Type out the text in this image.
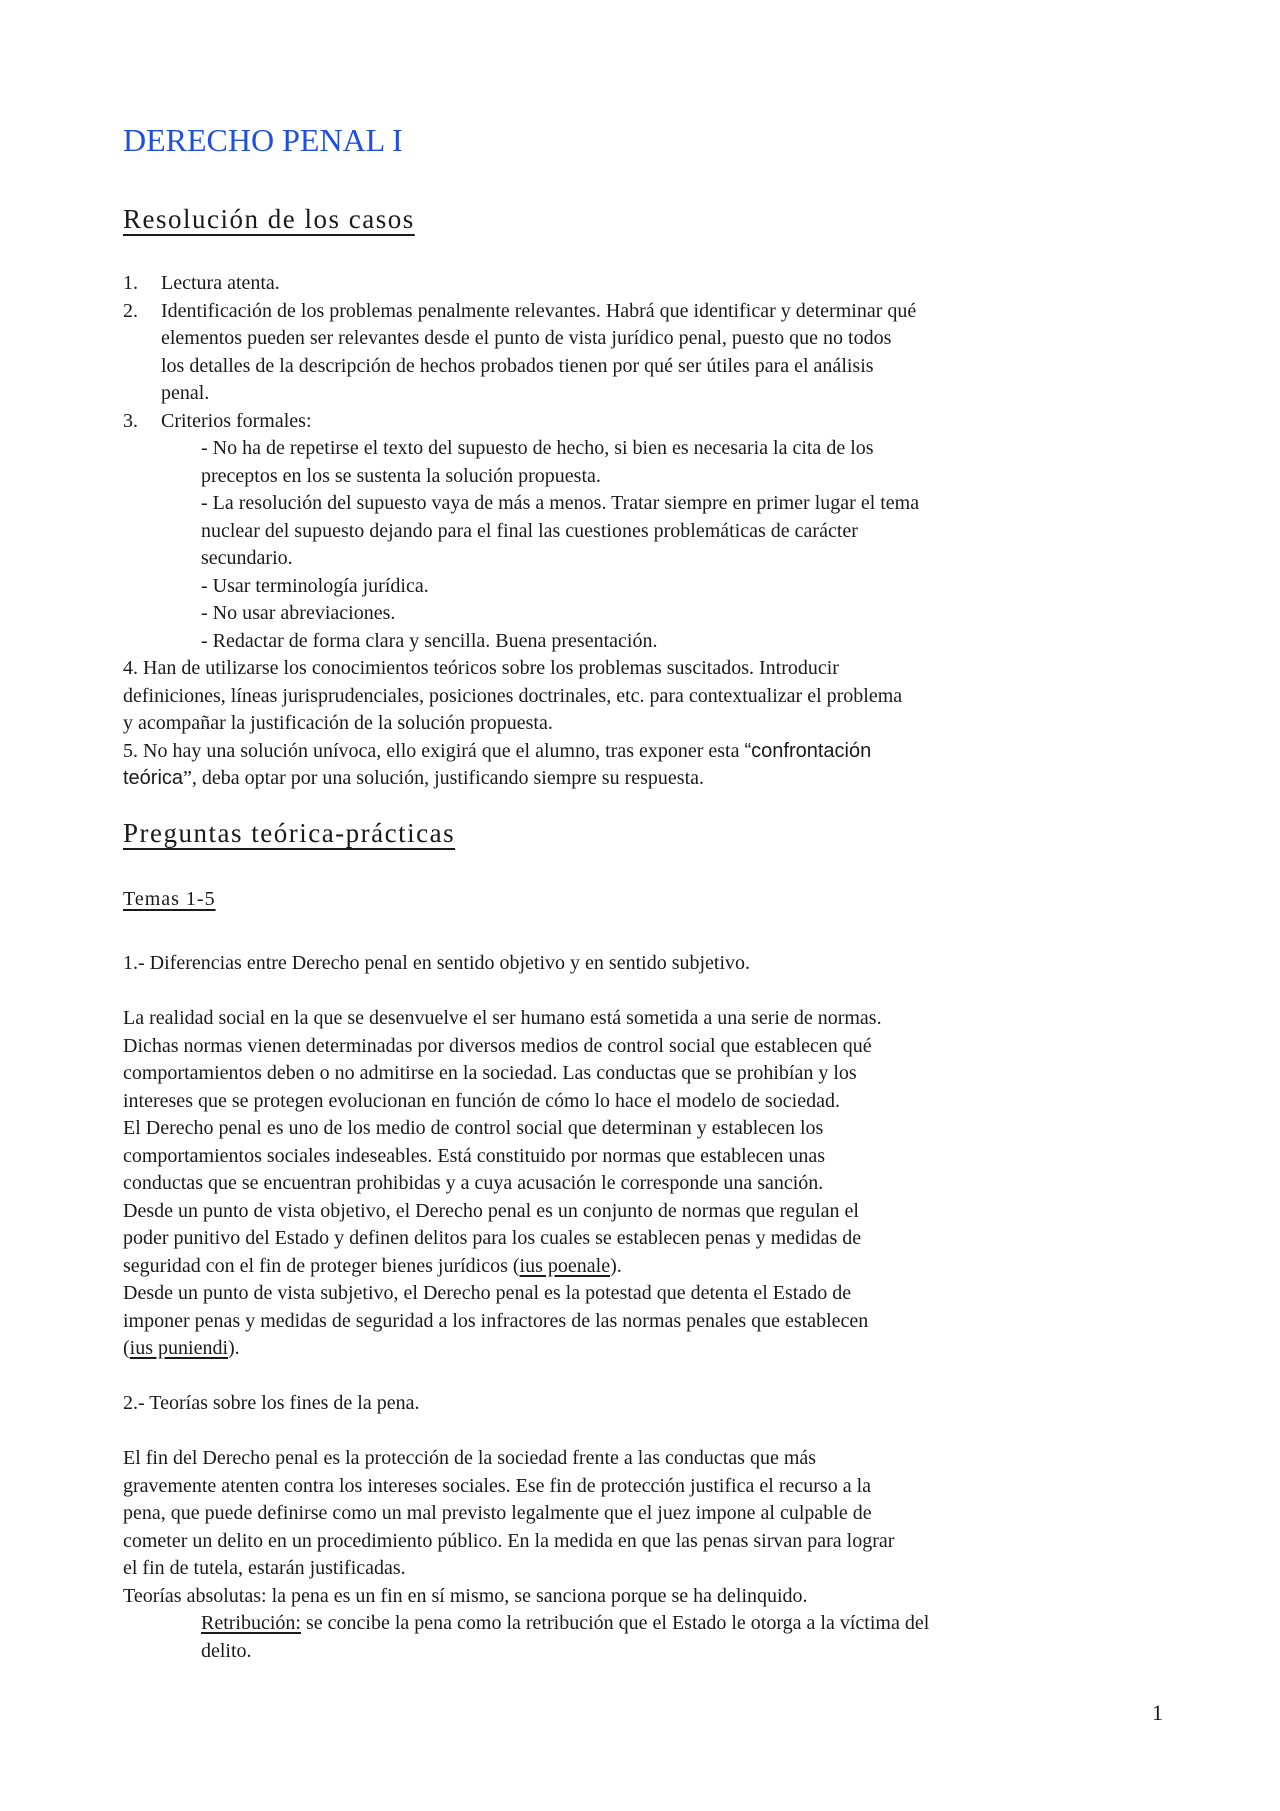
DERECHO PENAL I
Resolución de los casos
1. Lectura atenta.
2. Identificación de los problemas penalmente relevantes. Habrá que identificar y determinar qué
elementos pueden ser relevantes desde el punto de vista jurídico penal, puesto que no todos
los detalles de la descripción de hechos probados tienen por qué ser útiles para el análisis
penal.
3. Criterios formales:
- No ha de repetirse el texto del supuesto de hecho, si bien es necesaria la cita de los
preceptos en los se sustenta la solución propuesta.
- La resolución del supuesto vaya de más a menos. Tratar siempre en primer lugar el tema
nuclear del supuesto dejando para el final las cuestiones problemáticas de carácter
secundario.
- Usar terminología jurídica.
- No usar abreviaciones.
- Redactar de forma clara y sencilla. Buena presentación.
4. Han de utilizarse los conocimientos teóricos sobre los problemas suscitados. Introducir
definiciones, líneas jurisprudenciales, posiciones doctrinales, etc. para contextualizar el problema
y acompañar la justificación de la solución propuesta.
5. No hay una solución unívoca, ello exigirá que el alumno, tras exponer esta “confrontación
teórica”, deba optar por una solución, justificando siempre su respuesta.
Preguntas teórica-prácticas
Temas 1-5
1.- Diferencias entre Derecho penal en sentido objetivo y en sentido subjetivo.
La realidad social en la que se desenvuelve el ser humano está sometida a una serie de normas.
Dichas normas vienen determinadas por diversos medios de control social que establecen qué
comportamientos deben o no admitirse en la sociedad. Las conductas que se prohibían y los
intereses que se protegen evolucionan en función de cómo lo hace el modelo de sociedad.
El Derecho penal es uno de los medio de control social que determinan y establecen los
comportamientos sociales indeseables. Está constituido por normas que establecen unas
conductas que se encuentran prohibidas y a cuya acusación le corresponde una sanción.
Desde un punto de vista objetivo, el Derecho penal es un conjunto de normas que regulan el
poder punitivo del Estado y definen delitos para los cuales se establecen penas y medidas de
seguridad con el fin de proteger bienes jurídicos (ius poenale).
Desde un punto de vista subjetivo, el Derecho penal es la potestad que detenta el Estado de
imponer penas y medidas de seguridad a los infractores de las normas penales que establecen
(ius puniendi).
2.- Teorías sobre los fines de la pena.
El fin del Derecho penal es la protección de la sociedad frente a las conductas que más
gravemente atenten contra los intereses sociales. Ese fin de protección justifica el recurso a la
pena, que puede definirse como un mal previsto legalmente que el juez impone al culpable de
cometer un delito en un procedimiento público. En la medida en que las penas sirvan para lograr
el fin de tutela, estarán justificadas.
Teorías absolutas: la pena es un fin en sí mismo, se sanciona porque se ha delinquido.
Retribución: se concibe la pena como la retribución que el Estado le otorga a la víctima del
delito.
1
